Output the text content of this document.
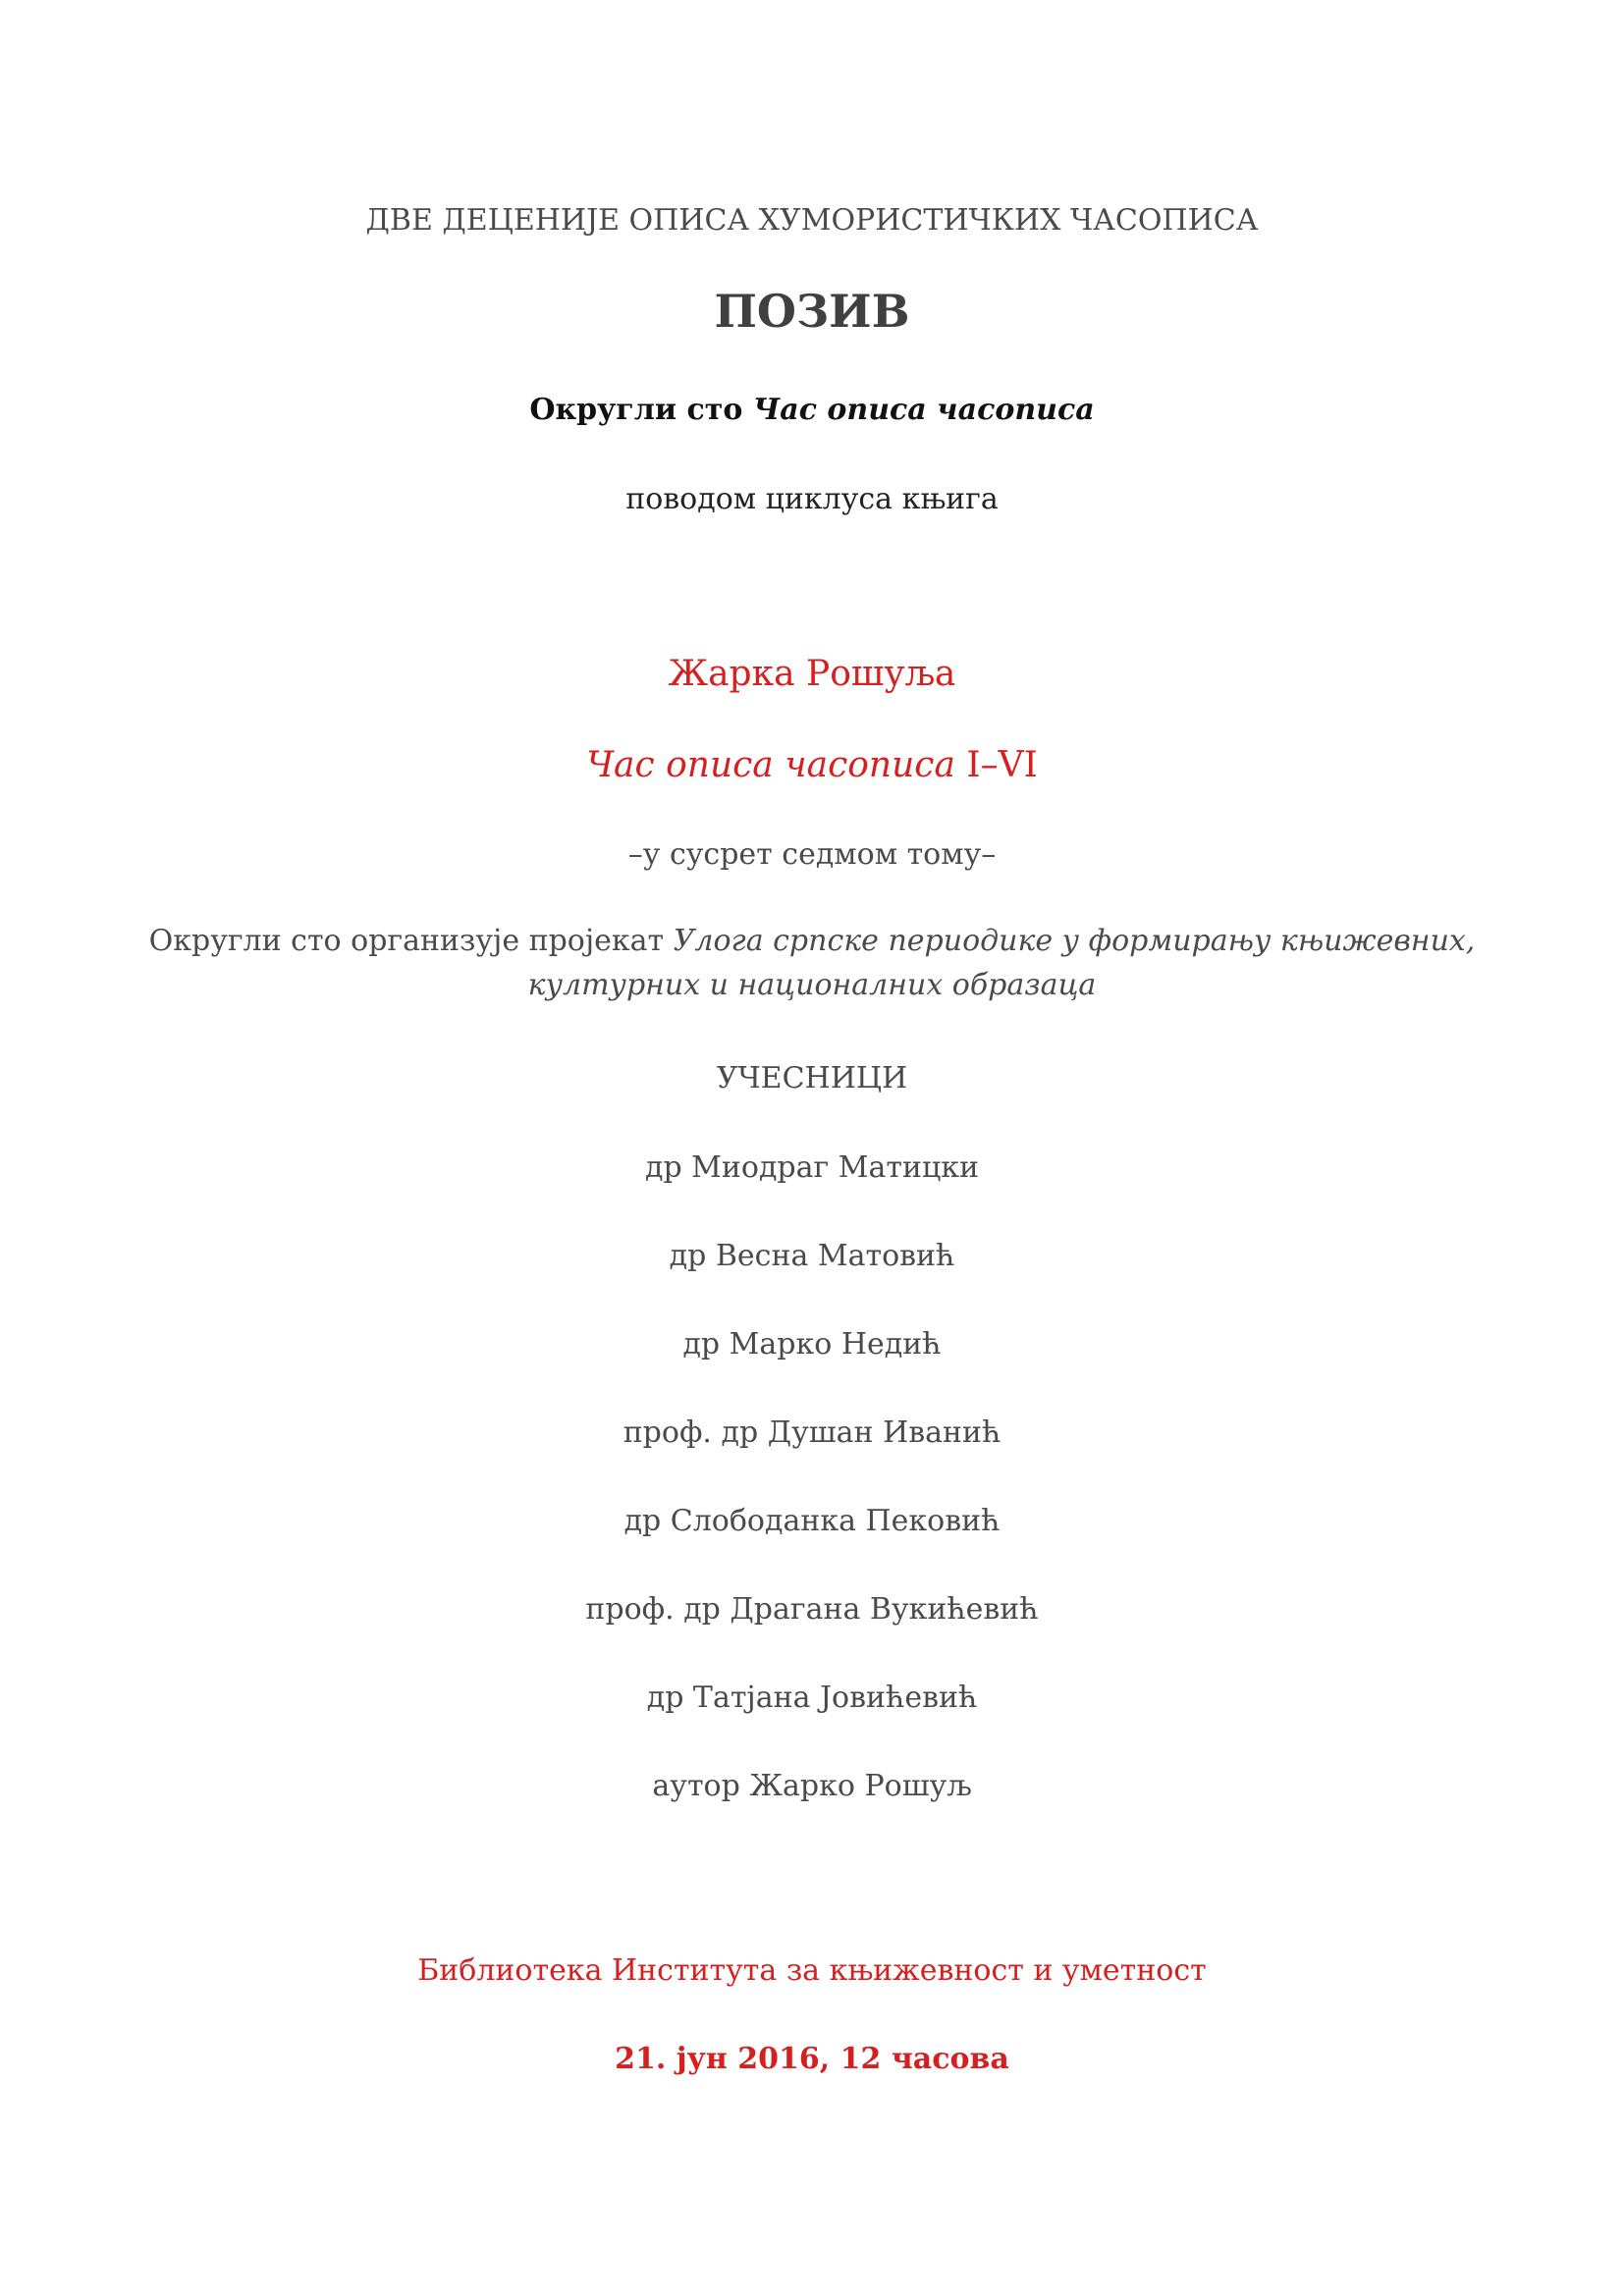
ДВЕ ДЕЦЕНИЈЕ ОПИСА ХУМОРИСТИЧКИХ ЧАСОПИСА
ПОЗИВ
Округли сто Час описа часописа
поводом циклуса књига
Жарка Рошуља
Час описа часописа I–VI
–у сусрет седмом тому–
Округли сто организује пројекат Улога српске периодике у формирању књижевних,
културних и националних образаца
УЧЕСНИЦИ
др Миодраг Матицки
др Весна Матовић
др Марко Недић
проф. др Душан Иванић
др Слободанка Пековић
проф. др Драгана Вукићевић
др Татјана Јовићевић
аутор Жарко Рошуљ
Библиотека Института за књижевност и уметност
21. јун 2016, 12 часова
